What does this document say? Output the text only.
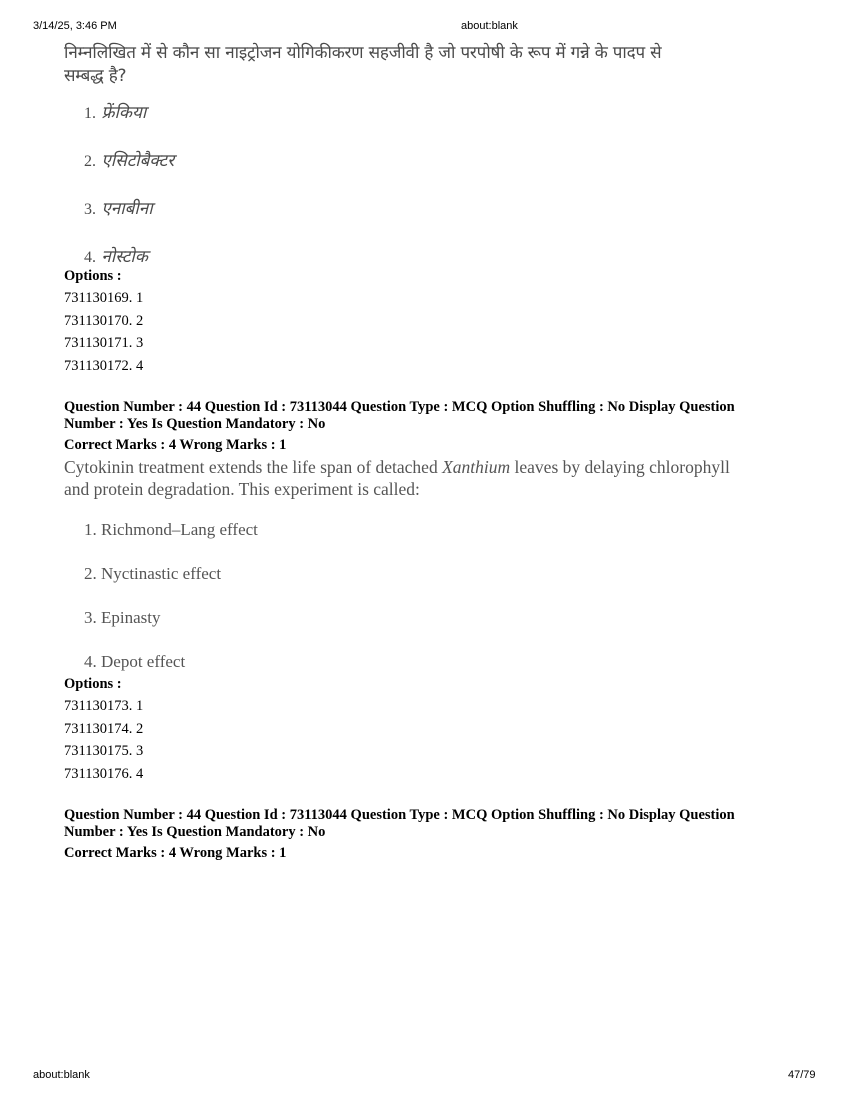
3/14/25, 3:46 PM	about:blank
निम्नलिखित में से कौन सा नाइट्रोजन योगिकीकरण सहजीवी है जो परपोषी के रूप में गन्ने के पादप से
सम्बद्ध है?
1. फ्रेंकिया
2. एसिटोबैक्टर
3. एनाबीना
4. नोस्टोक
Options :
731130169. 1
731130170. 2
731130171. 3
731130172. 4
Question Number : 44 Question Id : 73113044 Question Type : MCQ Option Shuffling : No Display Question
Number : Yes Is Question Mandatory : No
Correct Marks : 4 Wrong Marks : 1
Cytokinin treatment extends the life span of detached Xanthium leaves by delaying chlorophyll
and protein degradation. This experiment is called:
1. Richmond–Lang effect
2. Nyctinastic effect
3. Epinasty
4. Depot effect
Options :
731130173. 1
731130174. 2
731130175. 3
731130176. 4
Question Number : 44 Question Id : 73113044 Question Type : MCQ Option Shuffling : No Display Question
Number : Yes Is Question Mandatory : No
Correct Marks : 4 Wrong Marks : 1
about:blank	47/79
